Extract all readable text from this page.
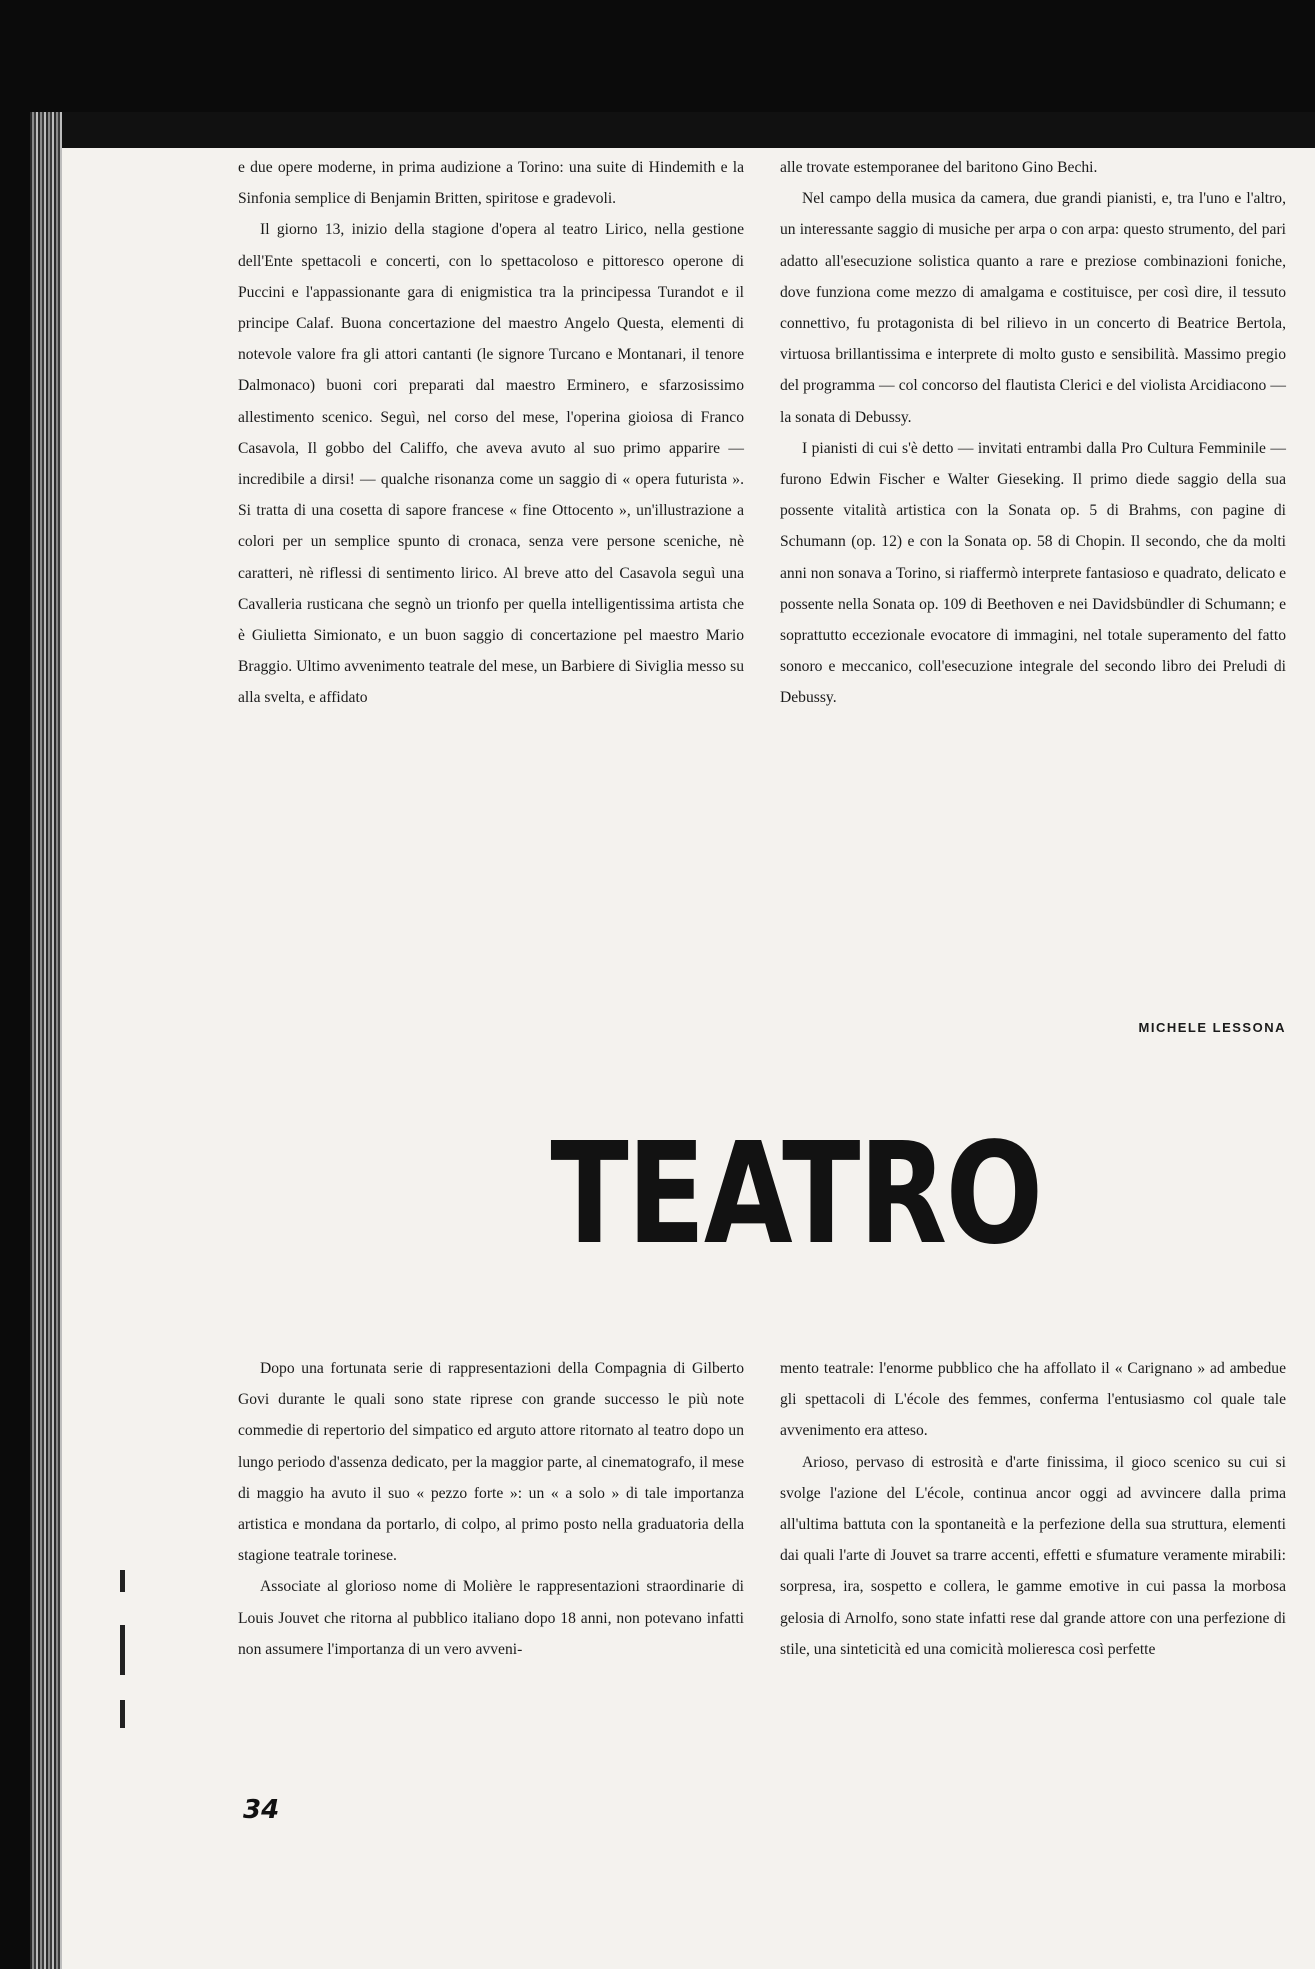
e due opere moderne, in prima audizione a Torino: una suite di Hindemith e la Sinfonia semplice di Benjamin Britten, spiritose e gradevoli.

Il giorno 13, inizio della stagione d'opera al teatro Lirico, nella gestione dell'Ente spettacoli e concerti, con lo spettacoloso e pittoresco operone di Puccini e l'appassionante gara di enigmistica tra la principessa Turandot e il principe Calaf. Buona concertazione del maestro Angelo Questa, elementi di notevole valore fra gli attori cantanti (le signore Turcano e Montanari, il tenore Dalmonaco) buoni cori preparati dal maestro Erminero, e sfarzosissimo allestimento scenico. Seguì, nel corso del mese, l'operina gioiosa di Franco Casavola, Il gobbo del Califfo, che aveva avuto al suo primo apparire — incredibile a dirsi! — qualche risonanza come un saggio di « opera futurista ». Si tratta di una cosetta di sapore francese « fine Ottocento », un'illustrazione a colori per un semplice spunto di cronaca, senza vere persone sceniche, nè caratteri, nè riflessi di sentimento lirico. Al breve atto del Casavola seguì una Cavalleria rusticana che segnò un trionfo per quella intelligentissima artista che è Giulietta Simionato, e un buon saggio di concertazione pel maestro Mario Braggio. Ultimo avvenimento teatrale del mese, un Barbiere di Siviglia messo su alla svelta, e affidato

alle trovate estemporanee del baritono Gino Bechi.

Nel campo della musica da camera, due grandi pianisti, e, tra l'uno e l'altro, un interessante saggio di musiche per arpa o con arpa: questo strumento, del pari adatto all'esecuzione solistica quanto a rare e preziose combinazioni foniche, dove funziona come mezzo di amalgama e costituisce, per così dire, il tessuto connettivo, fu protagonista di bel rilievo in un concerto di Beatrice Bertola, virtuosa brillantissima e interprete di molto gusto e sensibilità. Massimo pregio del programma — col concorso del flautista Clerici e del violista Arcidiacono — la sonata di Debussy.

I pianisti di cui s'è detto — invitati entrambi dalla Pro Cultura Femminile — furono Edwin Fischer e Walter Gieseking. Il primo diede saggio della sua possente vitalità artistica con la Sonata op. 5 di Brahms, con pagine di Schumann (op. 12) e con la Sonata op. 58 di Chopin. Il secondo, che da molti anni non sonava a Torino, si riaffermò interprete fantasioso e quadrato, delicato e possente nella Sonata op. 109 di Beethoven e nei Davidsbündler di Schumann; e soprattutto eccezionale evocatore di immagini, nel totale superamento del fatto sonoro e meccanico, coll'esecuzione integrale del secondo libro dei Preludi di Debussy.

MICHELE LESSONA
TEATRO

Dopo una fortunata serie di rappresentazioni della Compagnia di Gilberto Govi durante le quali sono state riprese con grande successo le più note commedie di repertorio del simpatico ed arguto attore ritornato al teatro dopo un lungo periodo d'assenza dedicato, per la maggior parte, al cinematografo, il mese di maggio ha avuto il suo « pezzo forte »: un « a solo » di tale importanza artistica e mondana da portarlo, di colpo, al primo posto nella graduatoria della stagione teatrale torinese.

Associate al glorioso nome di Molière le rappresentazioni straordinarie di Louis Jouvet che ritorna al pubblico italiano dopo 18 anni, non potevano infatti non assumere l'importanza di un vero avveni-

mento teatrale: l'enorme pubblico che ha affollato il « Carignano » ad ambedue gli spettacoli di L'école des femmes, conferma l'entusiasmo col quale tale avvenimento era atteso.

Arioso, pervaso di estrosità e d'arte finissima, il gioco scenico su cui si svolge l'azione del L'école, continua ancor oggi ad avvincere dalla prima all'ultima battuta con la spontaneità e la perfezione della sua struttura, elementi dai quali l'arte di Jouvet sa trarre accenti, effetti e sfumature veramente mirabili: sorpresa, ira, sospetto e collera, le gamme emotive in cui passa la morbosa gelosia di Arnolfo, sono state infatti rese dal grande attore con una perfezione di stile, una sinteticità ed una comicità molieresca così perfette

34
